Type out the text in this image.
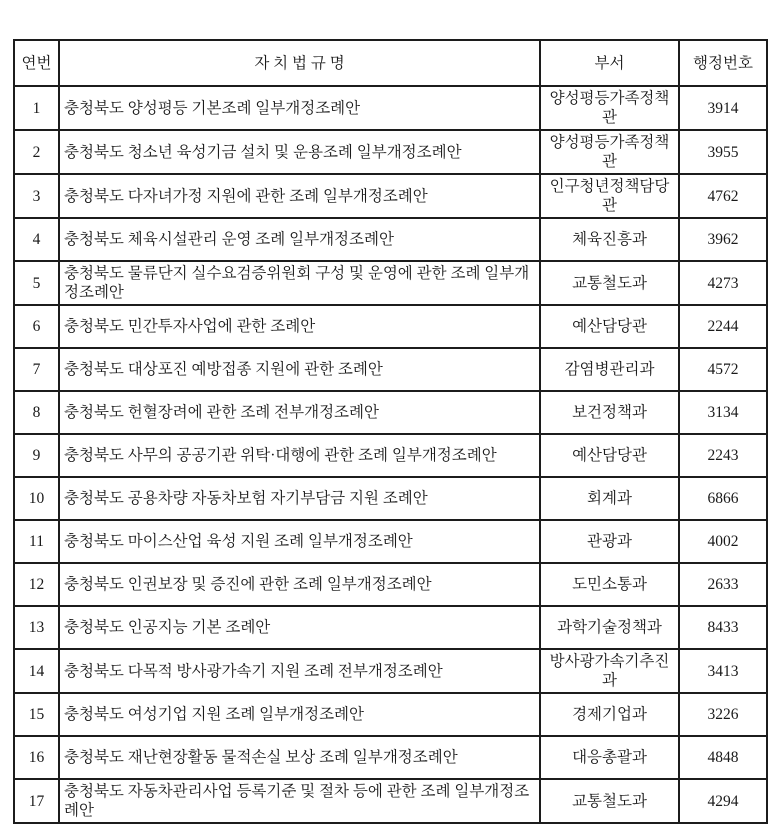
연번	자 치 법 규 명	부서	행정번호
1	충청북도 양성평등 기본조례 일부개정조례안	양성평등가족정책관	3914
2	충청북도 청소년 육성기금 설치 및 운용조례 일부개정조례안	양성평등가족정책관	3955
3	충청북도 다자녀가정 지원에 관한 조례 일부개정조례안	인구청년정책담당관	4762
4	충청북도 체육시설관리 운영 조례 일부개정조례안	체육진흥과	3962
5	충청북도 물류단지 실수요검증위원회 구성 및 운영에 관한 조례 일부개정조례안	교통철도과	4273
6	충청북도 민간투자사업에 관한 조례안	예산담당관	2244
7	충청북도 대상포진 예방접종 지원에 관한 조례안	감염병관리과	4572
8	충청북도 헌혈장려에 관한 조례 전부개정조례안	보건정책과	3134
9	충청북도 사무의 공공기관 위탁·대행에 관한 조례 일부개정조례안	예산담당관	2243
10	충청북도 공용차량 자동차보험 자기부담금 지원 조례안	회계과	6866
11	충청북도 마이스산업 육성 지원 조례 일부개정조례안	관광과	4002
12	충청북도 인권보장 및 증진에 관한 조례 일부개정조례안	도민소통과	2633
13	충청북도 인공지능 기본 조례안	과학기술정책과	8433
14	충청북도 다목적 방사광가속기 지원 조례 전부개정조례안	방사광가속기추진과	3413
15	충청북도 여성기업 지원 조례 일부개정조례안	경제기업과	3226
16	충청북도 재난현장활동 물적손실 보상 조례 일부개정조례안	대응총괄과	4848
17	충청북도 자동차관리사업 등록기준 및 절차 등에 관한 조례 일부개정조례안	교통철도과	4294
